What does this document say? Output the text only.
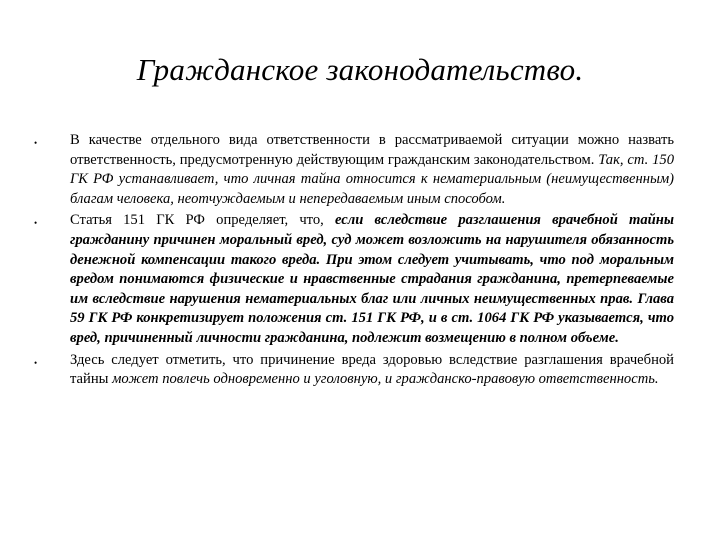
Гражданское законодательство.
•	В качестве отдельного вида ответственности в рассматриваемой ситуации можно назвать ответственность, предусмотренную действующим гражданским законодательством. Так, ст. 150 ГК РФ устанавливает, что личная тайна относится к нематериальным (неимущественным) благам человека, неотчуждаемым и непередаваемым иным способом.
•	Статья 151 ГК РФ определяет, что, если вследствие разглашения врачебной тайны гражданину причинен моральный вред, суд может возложить на нарушителя обязанность денежной компенсации такого вреда. При этом следует учитывать, что под моральным вредом понимаются физические и нравственные страдания гражданина, претерпеваемые им вследствие нарушения нематериальных благ или личных неимущественных прав. Глава 59 ГК РФ конкретизирует положения ст. 151 ГК РФ, и в ст. 1064 ГК РФ указывается, что вред, причиненный личности гражданина, подлежит возмещению в полном объеме.
•	Здесь следует отметить, что причинение вреда здоровью вследствие разглашения врачебной тайны может повлечь одновременно и уголовную, и гражданско-правовую ответственность.
